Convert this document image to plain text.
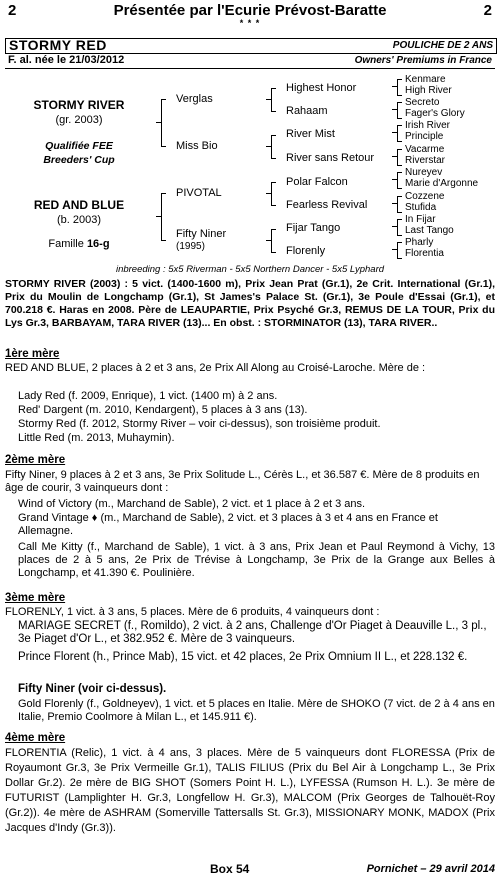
2	Présentée par l'Ecurie Prévost-Baratte	2
* * *
STORMY RED	POULICHE DE 2 ANS
F. al. née le 21/03/2012	Owners' Premiums in France
STORMY RIVER
(gr. 2003)
Qualifiée FEE
Breeders' Cup
RED AND BLUE
(b. 2003)
Famille 16-g
Verglas
Miss Bio
PIVOTAL
Fifty Niner
(1995)
Highest Honor
Rahaam
River Mist
River sans Retour
Polar Falcon
Fearless Revival
Fijar Tango
Florenly
Kenmare
High River
Secreto
Fager's Glory
Irish River
Principle
Vacarme
Riverstar
Nureyev
Marie d'Argonne
Cozzene
Stufida
In Fijar
Last Tango
Pharly
Florentia
inbreeding : 5x5 Riverman - 5x5 Northern Dancer - 5x5 Lyphard
STORMY RIVER (2003) : 5 vict. (1400-1600 m), Prix Jean Prat (Gr.1), 2e Crit. International (Gr.1), Prix du Moulin de Longchamp (Gr.1), St James's Palace St. (Gr.1), 3e Poule d'Essai (Gr.1), et 700.218 €. Haras en 2008. Père de LEAUPARTIE, Prix Psyché Gr.3, REMUS DE LA TOUR, Prix du Lys Gr.3, BARBAYAM, TARA RIVER (13)... En obst. : STORMINATOR (13), TARA RIVER..
1ère mère
RED AND BLUE, 2 places à 2 et 3 ans, 2e Prix All Along au Croisé-Laroche. Mère de :
Lady Red (f. 2009, Enrique), 1 vict. (1400 m) à 2 ans.
Red' Dargent (m. 2010, Kendargent), 5 places à 3 ans (13).
Stormy Red (f. 2012, Stormy River – voir ci-dessus), son troisième produit.
Little Red (m. 2013, Muhaymin).
2ème mère
Fifty Niner, 9 places à 2 et 3 ans, 3e Prix Solitude L., Cérès L., et 36.587 €. Mère de 8 produits en âge de courir, 3 vainqueurs dont :
Wind of Victory (m., Marchand de Sable), 2 vict. et 1 place à 2 et 3 ans.
Grand Vintage ♦ (m., Marchand de Sable), 2 vict. et 3 places à 3 et 4 ans en France et Allemagne.
Call Me Kitty (f., Marchand de Sable), 1 vict. à 3 ans, Prix Jean et Paul Reymond à Vichy, 13 places de 2 à 5 ans, 2e Prix de Trévise à Longchamp, 3e Prix de la Grange aux Belles à Longchamp, et 41.390 €. Poulinière.
3ème mère
FLORENLY, 1 vict. à 3 ans, 5 places. Mère de 6 produits, 4 vainqueurs dont :
MARIAGE SECRET (f., Romildo), 2 vict. à 2 ans, Challenge d'Or Piaget à Deauville L., 3 pl., 3e Piaget d'Or L., et 382.952 €. Mère de 3 vainqueurs.
Prince Florent (h., Prince Mab), 15 vict. et 42 places, 2e Prix Omnium II L., et 228.132 €.
Fifty Niner (voir ci-dessus).
Gold Florenly (f., Goldneyev), 1 vict. et 5 places en Italie. Mère de SHOKO (7 vict. de 2 à 4 ans en Italie, Premio Coolmore à Milan L., et 145.911 €).
4ème mère
FLORENTIA (Relic), 1 vict. à 4 ans, 3 places. Mère de 5 vainqueurs dont FLORESSA (Prix de Royaumont Gr.3, 3e Prix Vermeille Gr.1), TALIS FILIUS (Prix du Bel Air à Longchamp L., 3e Prix Dollar Gr.2). 2e mère de BIG SHOT (Somers Point H. L.), LYFESSA (Rumson H. L.). 3e mère de FUTURIST (Lamplighter H. Gr.3, Longfellow H. Gr.3), MALCOM (Prix Georges de Talhouët-Roy (Gr.2)). 4e mère de ASHRAM (Somerville Tattersalls St. Gr.3), MISSIONARY MONK, MADOX (Prix Jacques d'Indy (Gr.3)).
Box 54	Pornichet – 29 avril 2014
